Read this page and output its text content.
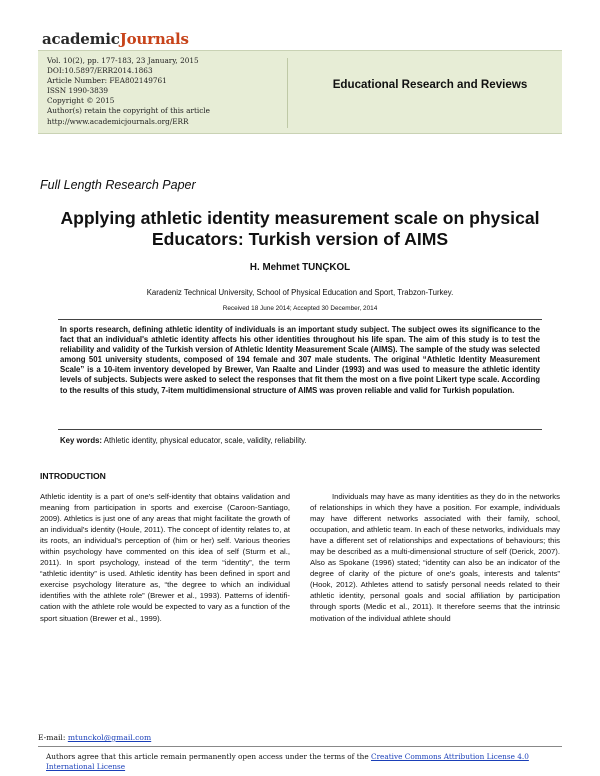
academicJournals
Vol. 10(2), pp. 177-183, 23 January, 2015
DOI:10.5897/ERR2014.1863
Article Number: FEA802149761
ISSN 1990-3839
Copyright © 2015
Author(s) retain the copyright of this article
http://www.academicjournals.org/ERR
Educational Research and Reviews
Full Length Research Paper
Applying athletic identity measurement scale on physical Educators: Turkish version of AIMS
H. Mehmet TUNÇKOL
Karadeniz Technical University, School of Physical Education and Sport, Trabzon-Turkey.
Received 18 June 2014; Accepted 30 December, 2014
In sports research, defining athletic identity of individuals is an important study subject. The subject owes its significance to the fact that an individual's athletic identity affects his other identities throughout his life span. The aim of this study is to test the reliability and validity of the Turkish version of Athletic Identity Measurement Scale (AIMS). The sample of the study was selected among 501 university students, composed of 194 female and 307 male students. The original “Athletic Identity Measurement Scale” is a 10-item inventory developed by Brewer, Van Raalte and Linder (1993) and was used to measure the athletic identity levels of subjects. Subjects were asked to select the responses that fit them the most on a five point Likert type scale. According to the results of this study, 7-item multidimensional structure of AIMS was proven reliable and valid for Turkish population.
Key words: Athletic identity, physical educator, scale, validity, reliability.
INTRODUCTION

Athletic identity is a part of one's self-identity that obtains validation and meaning from participation in sports and exercise (Caroon-Santiago, 2009). Athletics is just one of any areas that might facilitate the growth of an individual's identity (Houle, 2011). The concept of identity relates to, at its roots, an individual's perception of (him or her) self. Various theories within psychology have commented on this idea of self (Sturm et al., 2011). In sport psychology, instead of the term “identity”, the term “athletic identity” is used. Athletic identity has been defined in sport and exercise psychology literature as, “the degree to which an individual identifies with the athlete role” (Brewer et al., 1993). Patterns of identifi-cation with the athlete role would be expected to vary as a function of the sport situation (Brewer et al., 1999).

Individuals may have as many identities as they do in the networks of relationships in which they have a position. For example, individuals may have different networks associated with their family, school, occupation, and athletic team. In each of these networks, individuals may have a different set of relationships and expectations of behaviours; this may be described as a multi-dimensional structure of self (Derick, 2007). Also as Spokane (1996) stated; “identity can also be an indicator of the degree of clarity of the picture of one's goals, interests and talents” (Hook, 2012). Athletes attend to satisfy personal needs related to their athletic identity, personal goals and social affiliation by participation through sports (Medic et al., 2011). It therefore seems that the intrinsic motivation of the individual athlete should

E-mail: mtunckol@gmail.com
Authors agree that this article remain permanently open access under the terms of the Creative Commons Attribution License 4.0 International License
